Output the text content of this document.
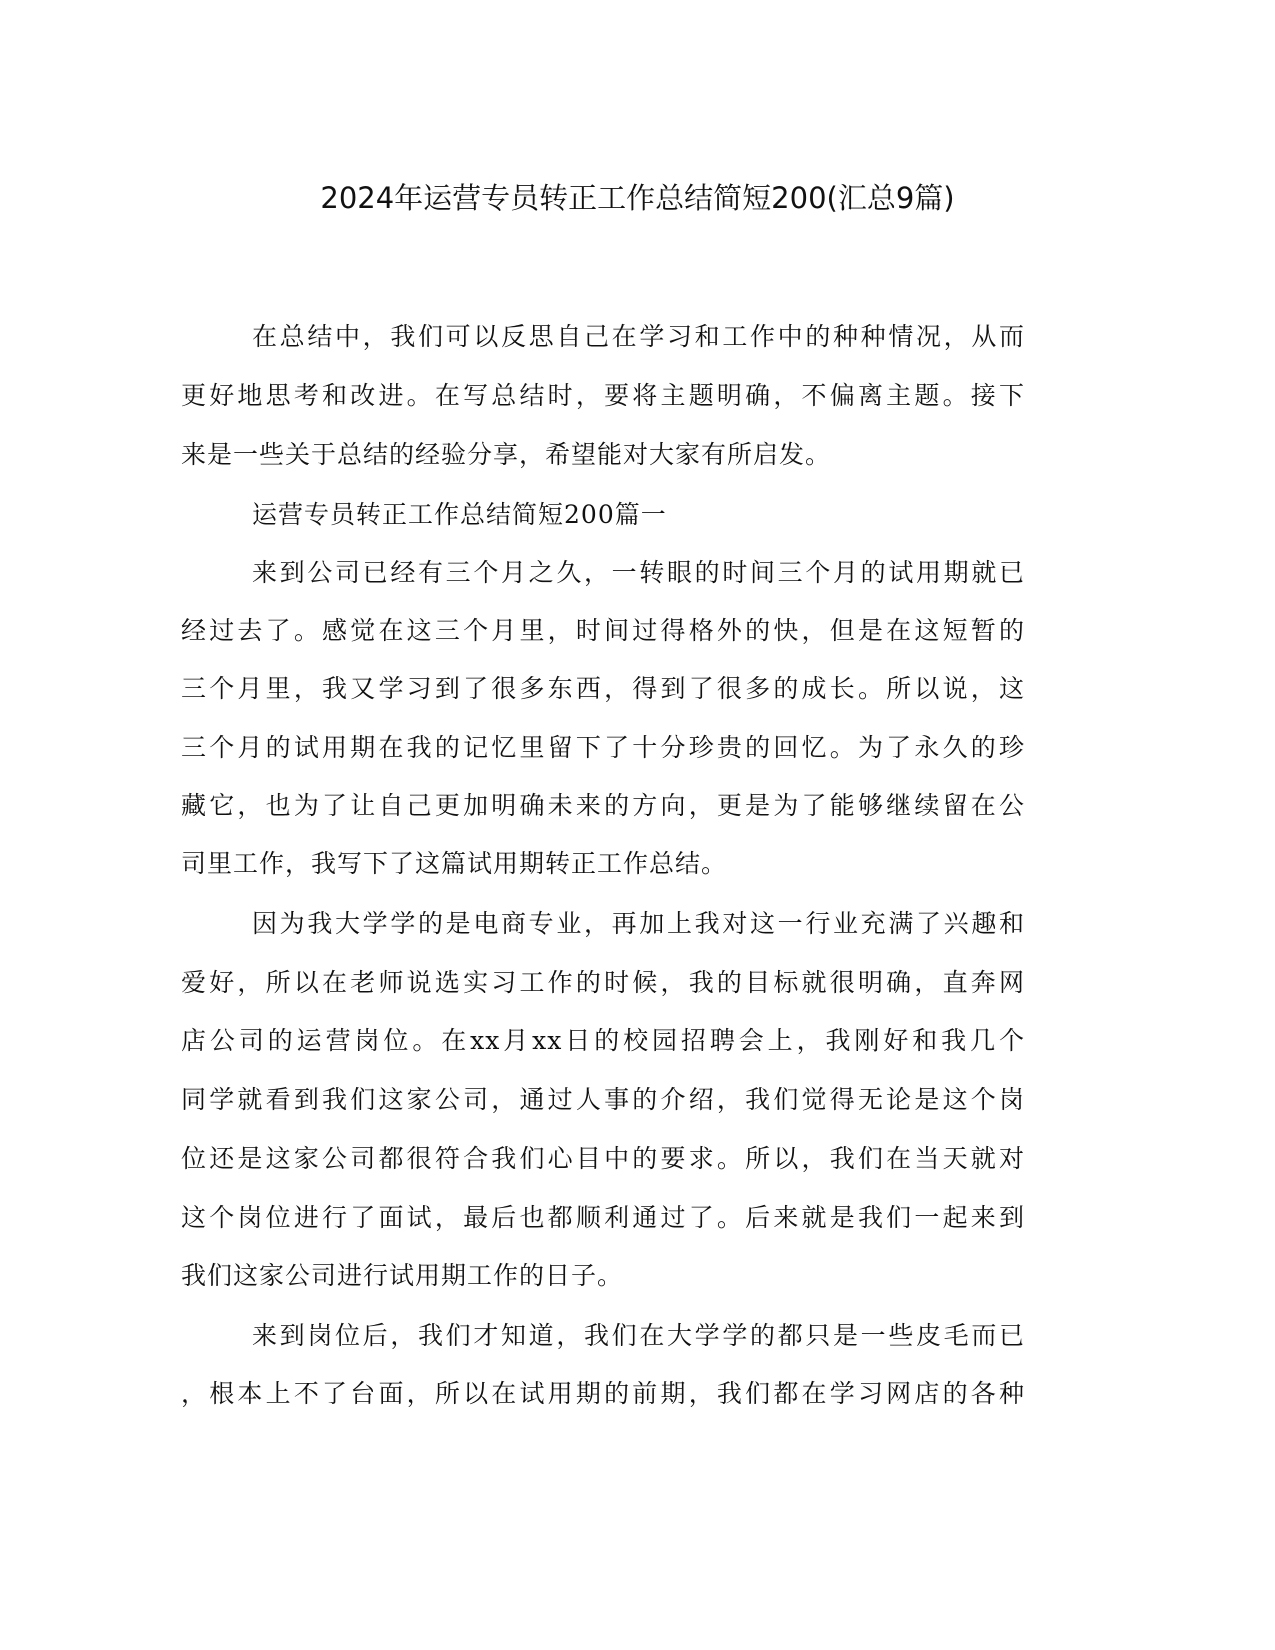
2024年运营专员转正工作总结简短200(汇总9篇)
在总结中，我们可以反思自己在学习和工作中的种种情况，从而
更好地思考和改进。在写总结时，要将主题明确，不偏离主题。接下
来是一些关于总结的经验分享，希望能对大家有所启发。
运营专员转正工作总结简短200篇一
来到公司已经有三个月之久，一转眼的时间三个月的试用期就已
经过去了。感觉在这三个月里，时间过得格外的快，但是在这短暂的
三个月里，我又学习到了很多东西，得到了很多的成长。所以说，这
三个月的试用期在我的记忆里留下了十分珍贵的回忆。为了永久的珍
藏它，也为了让自己更加明确未来的方向，更是为了能够继续留在公
司里工作，我写下了这篇试用期转正工作总结。
因为我大学学的是电商专业，再加上我对这一行业充满了兴趣和
爱好，所以在老师说选实习工作的时候，我的目标就很明确，直奔网
店公司的运营岗位。在xx月xx日的校园招聘会上，我刚好和我几个
同学就看到我们这家公司，通过人事的介绍，我们觉得无论是这个岗
位还是这家公司都很符合我们心目中的要求。所以，我们在当天就对
这个岗位进行了面试，最后也都顺利通过了。后来就是我们一起来到
我们这家公司进行试用期工作的日子。
来到岗位后，我们才知道，我们在大学学的都只是一些皮毛而已
，根本上不了台面，所以在试用期的前期，我们都在学习网店的各种
